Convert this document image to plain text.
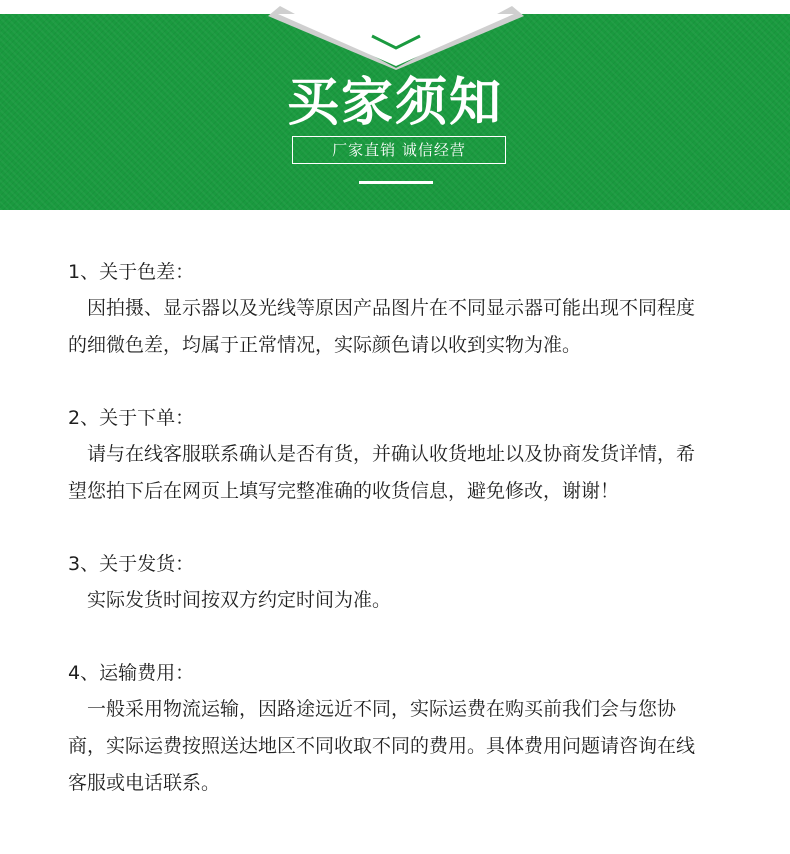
买家须知
厂家直销 诚信经营
1、关于色差：

因拍摄、显示器以及光线等原因产品图片在不同显示器可能出现不同程度的细微色差，均属于正常情况，实际颜色请以收到实物为准。

2、关于下单：

请与在线客服联系确认是否有货，并确认收货地址以及协商发货详情，希望您拍下后在网页上填写完整准确的收货信息，避免修改，谢谢！

3、关于发货：

实际发货时间按双方约定时间为准。

4、运输费用：

一般采用物流运输，因路途远近不同，实际运费在购买前我们会与您协商，实际运费按照送达地区不同收取不同的费用。具体费用问题请咨询在线客服或电话联系。
